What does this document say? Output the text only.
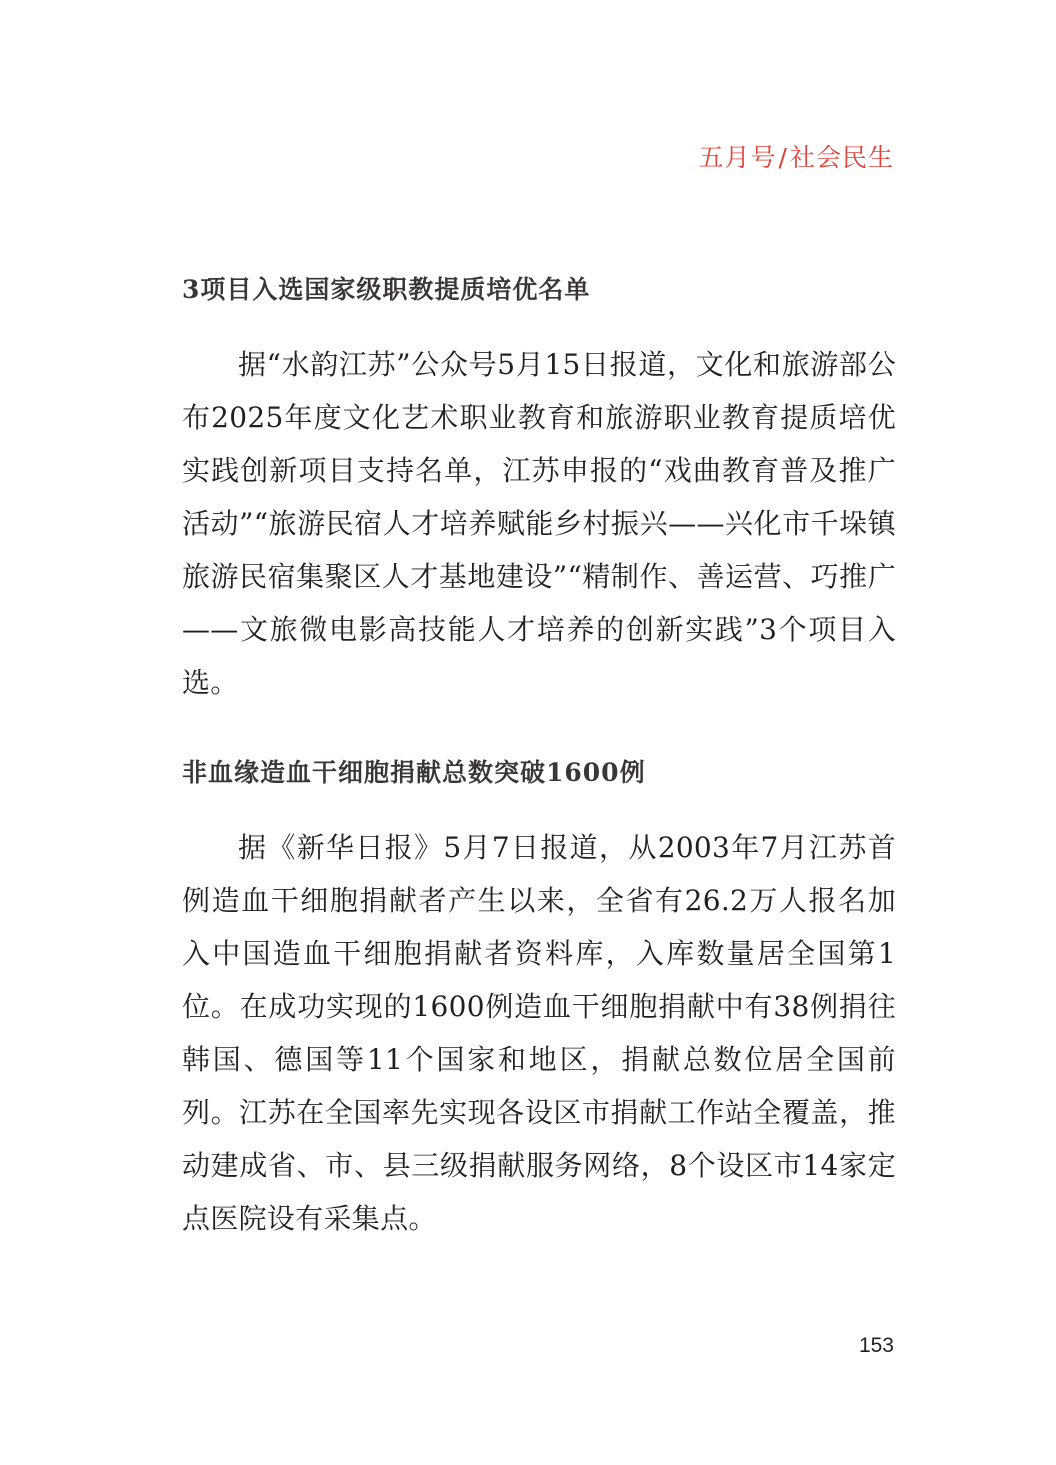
五月号/社会民生
3项目入选国家级职教提质培优名单

据“水韵江苏”公众号5月15日报道，文化和旅游部公布2025年度文化艺术职业教育和旅游职业教育提质培优实践创新项目支持名单，江苏申报的“戏曲教育普及推广活动”“旅游民宿人才培养赋能乡村振兴——兴化市千垛镇旅游民宿集聚区人才基地建设”“精制作、善运营、巧推广——文旅微电影高技能人才培养的创新实践”3个项目入选。

非血缘造血干细胞捐献总数突破1600例

据《新华日报》5月7日报道，从2003年7月江苏首例造血干细胞捐献者产生以来，全省有26.2万人报名加入中国造血干细胞捐献者资料库，入库数量居全国第1位。在成功实现的1600例造血干细胞捐献中有38例捐往韩国、德国等11个国家和地区，捐献总数位居全国前列。江苏在全国率先实现各设区市捐献工作站全覆盖，推动建成省、市、县三级捐献服务网络，8个设区市14家定点医院设有采集点。

153
